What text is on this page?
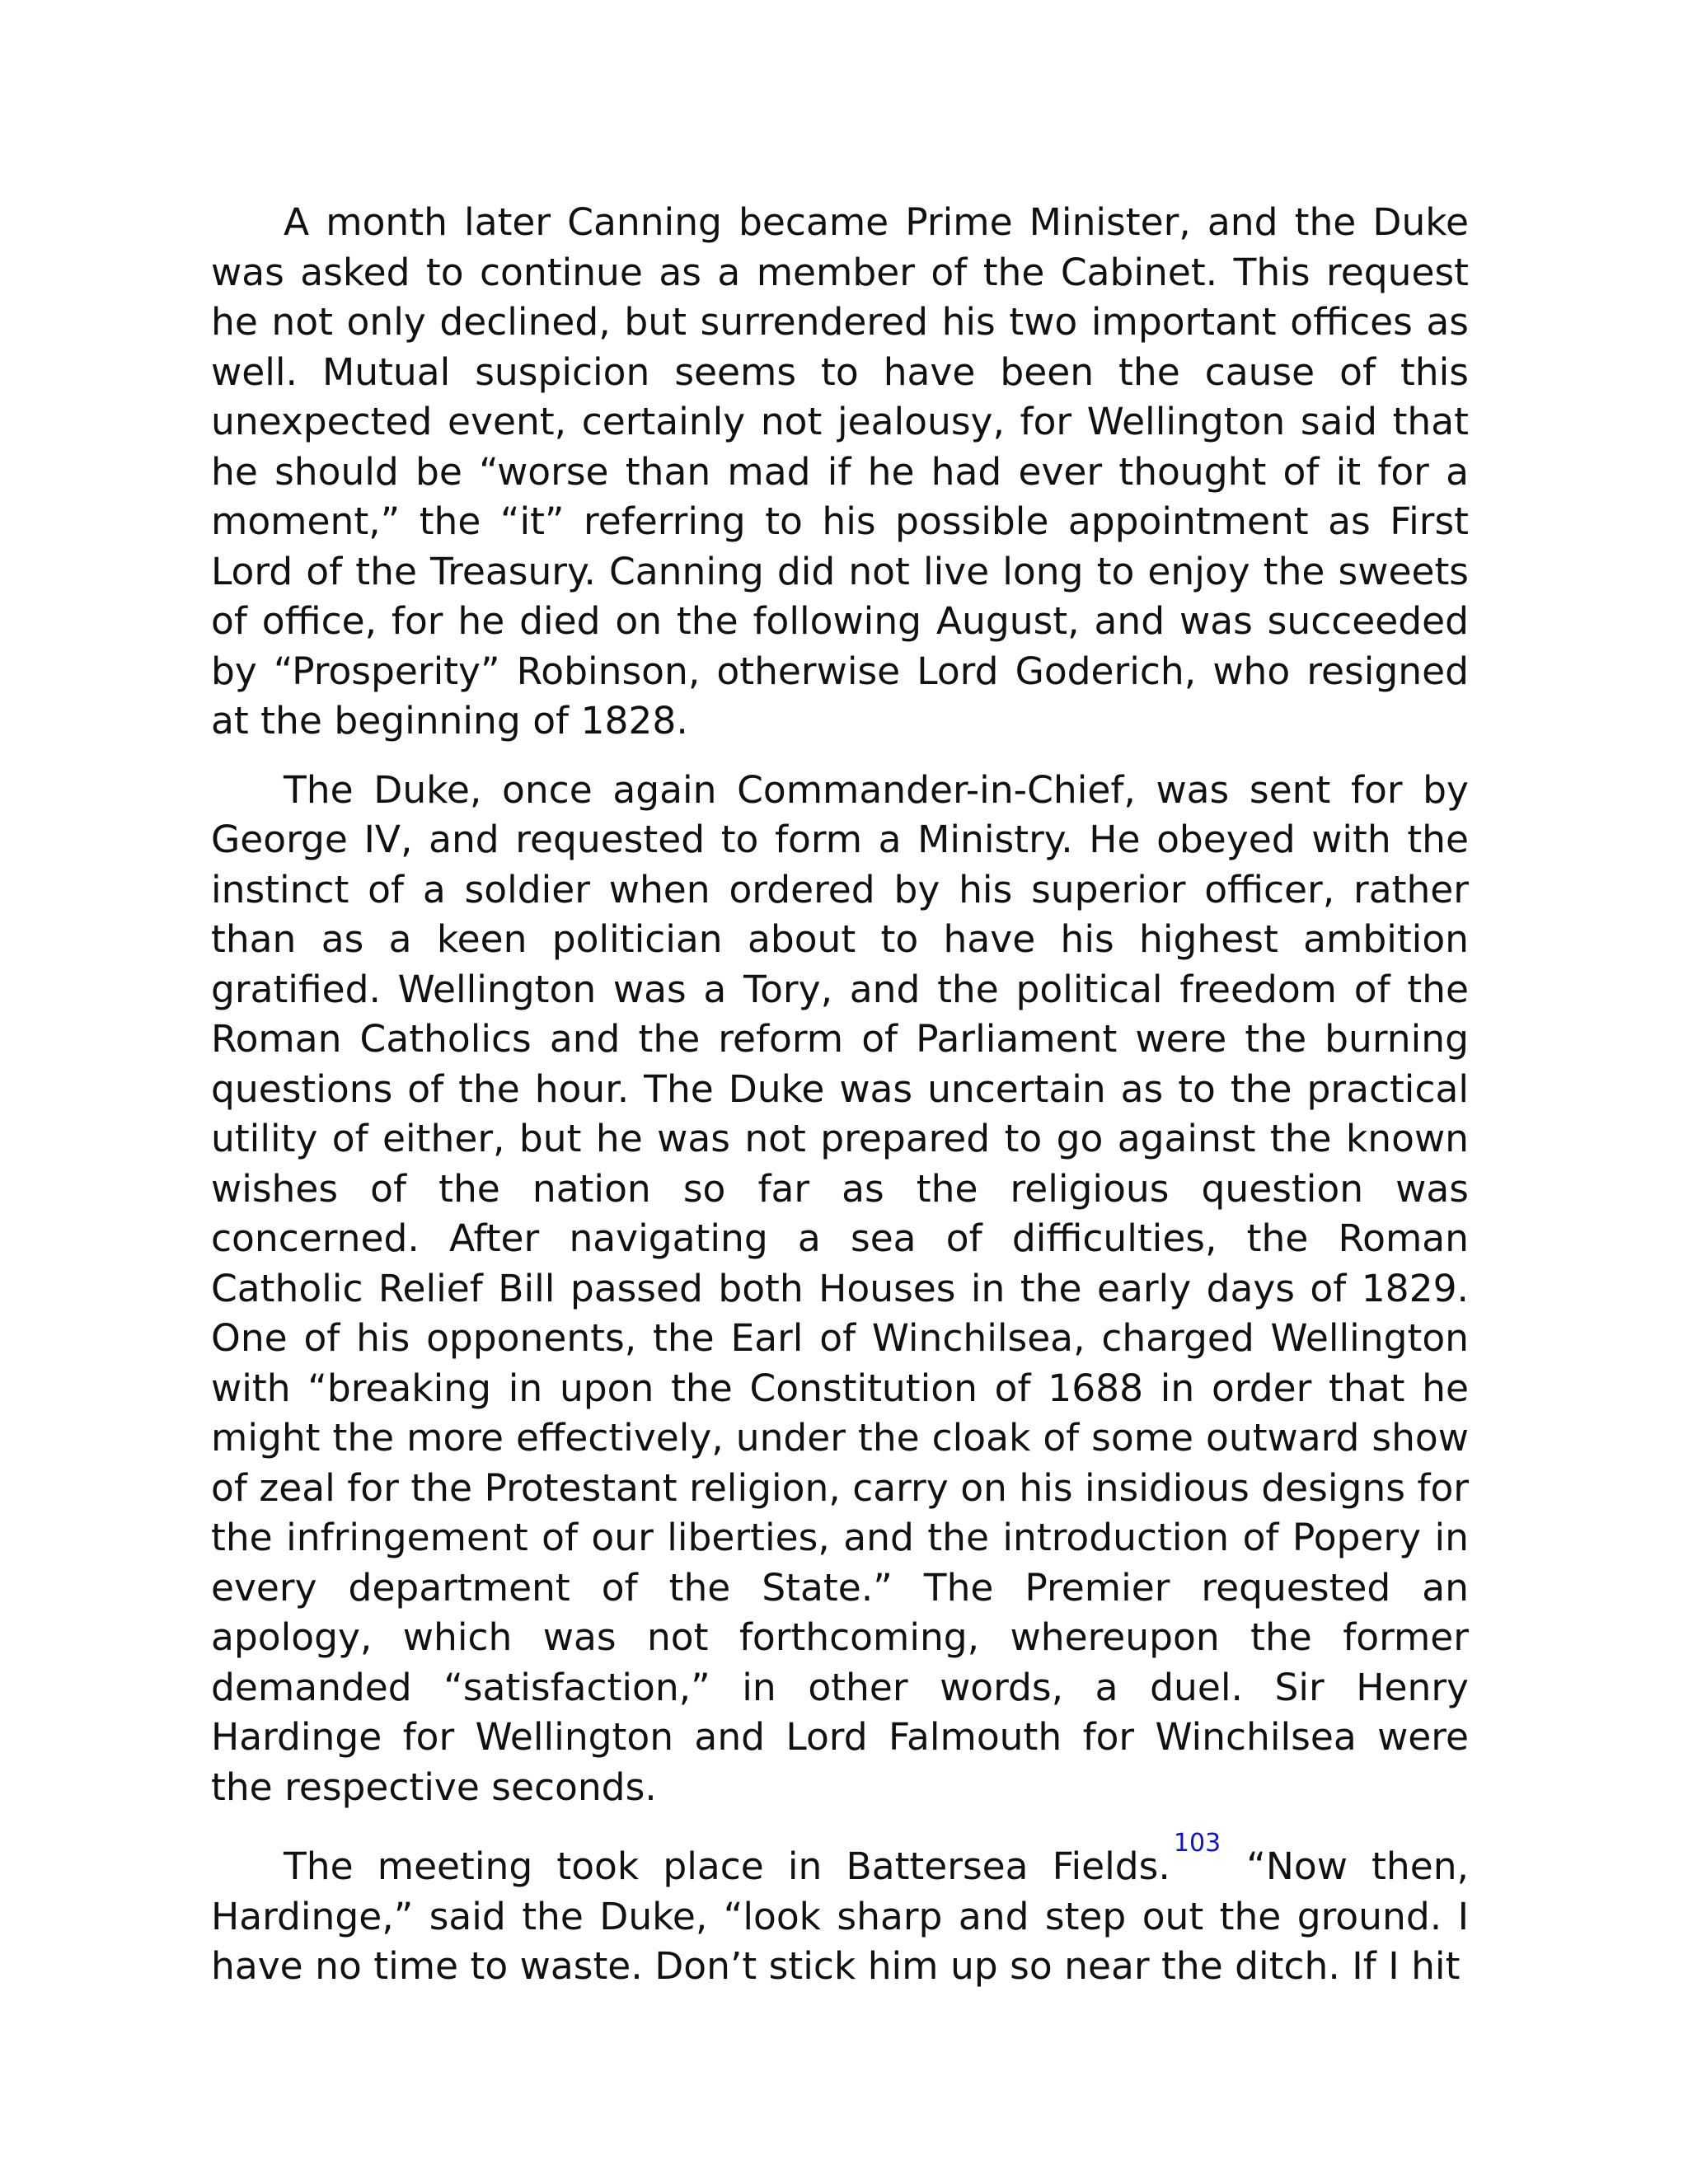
A month later Canning became Prime Minister, and the Duke was asked to continue as a member of the Cabinet. This request he not only declined, but surrendered his two important offices as well. Mutual suspicion seems to have been the cause of this unexpected event, certainly not jealousy, for Wellington said that he should be “worse than mad if he had ever thought of it for a moment,” the “it” referring to his possible appointment as First Lord of the Treasury. Canning did not live long to enjoy the sweets of office, for he died on the following August, and was succeeded by “Prosperity” Robinson, otherwise Lord Goderich, who resigned at the beginning of 1828.

The Duke, once again Commander-in-Chief, was sent for by George IV, and requested to form a Ministry. He obeyed with the instinct of a soldier when ordered by his superior officer, rather than as a keen politician about to have his highest ambition gratified. Wellington was a Tory, and the political freedom of the Roman Catholics and the reform of Parliament were the burning questions of the hour. The Duke was uncertain as to the practical utility of either, but he was not prepared to go against the known wishes of the nation so far as the religious question was concerned. After navigating a sea of difficulties, the Roman Catholic Relief Bill passed both Houses in the early days of 1829. One of his opponents, the Earl of Winchilsea, charged Wellington with “breaking in upon the Constitution of 1688 in order that he might the more effectively, under the cloak of some outward show of zeal for the Protestant religion, carry on his insidious designs for the infringement of our liberties, and the introduction of Popery in every department of the State.” The Premier requested an apology, which was not forthcoming, whereupon the former demanded “satisfaction,” in other words, a duel. Sir Henry Hardinge for Wellington and Lord Falmouth for Winchilsea were the respective seconds.

The meeting took place in Battersea Fields.$^{103}$ “Now then, Hardinge,” said the Duke, “look sharp and step out the ground. I have no time to waste. Don’t stick him up so near the ditch. If I hit
